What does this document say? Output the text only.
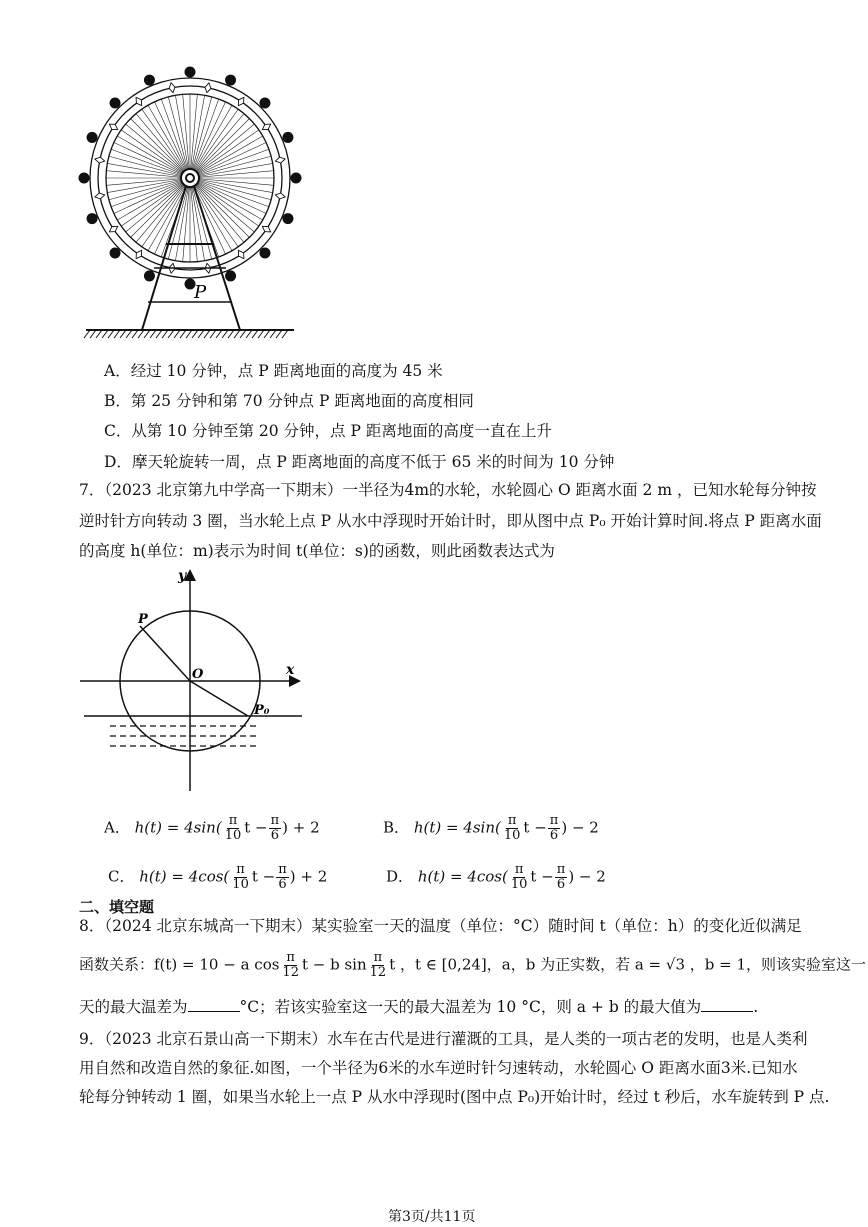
P
A．经过 10 分钟，点 P 距离地面的高度为 45 米
B．第 25 分钟和第 70 分钟点 P 距离地面的高度相同
C．从第 10 分钟至第 20 分钟，点 P 距离地面的高度一直在上升
D．摩天轮旋转一周，点 P 距离地面的高度不低于 65 米的时间为 10 分钟
7．（2023 北京第九中学高一下期末）一半径为4m的水轮，水轮圆心 O 距离水面 2 m ，已知水轮每分钟按
逆时针方向转动 3 圈，当水轮上点 P 从水中浮现时开始计时，即从图中点 P₀ 开始计算时间.将点 P 距离水面
的高度 h(单位：m)表示为时间 t(单位：s)的函数，则此函数表达式为
y
x
O
P
P₀
A． $h(t) = 4\sin( \frac{\pi}{10}$ $t - \frac{\pi}{6}$ ) + 2	B． $h(t) = 4\sin( \frac{\pi}{10}$ $t - \frac{\pi}{6}$ ) − 2
C． $h(t) = 4\cos( \frac{\pi}{10}$ $t - \frac{\pi}{6}$ ) + 2	D． $h(t) = 4\cos( \frac{\pi}{10}$ $t - \frac{\pi}{6}$ ) − 2
二、填空题
8．（2024 北京东城高一下期末）某实验室一天的温度（单位：°C）随时间 t（单位：h）的变化近似满足
函数关系：f(t) = 10 − a $\cos \frac{\pi}{12}$ t − b $\sin \frac{\pi}{12}$ t ，t ∈ [0,24]，a，b 为正实数，若 a = √3 ，b = 1，则该实验室这一
天的最大温差为	°C；若该实验室这一天的最大温差为 10 °C，则 a + b 的最大值为	.
9．（2023 北京石景山高一下期末）水车在古代是进行灌溉的工具，是人类的一项古老的发明，也是人类利
用自然和改造自然的象征.如图，一个半径为6米的水车逆时针匀速转动，水轮圆心 O 距离水面3米.已知水
轮每分钟转动 1 圈，如果当水轮上一点 P 从水中浮现时(图中点 P₀)开始计时，经过 t 秒后，水车旋转到 P 点.
第3页/共11页
